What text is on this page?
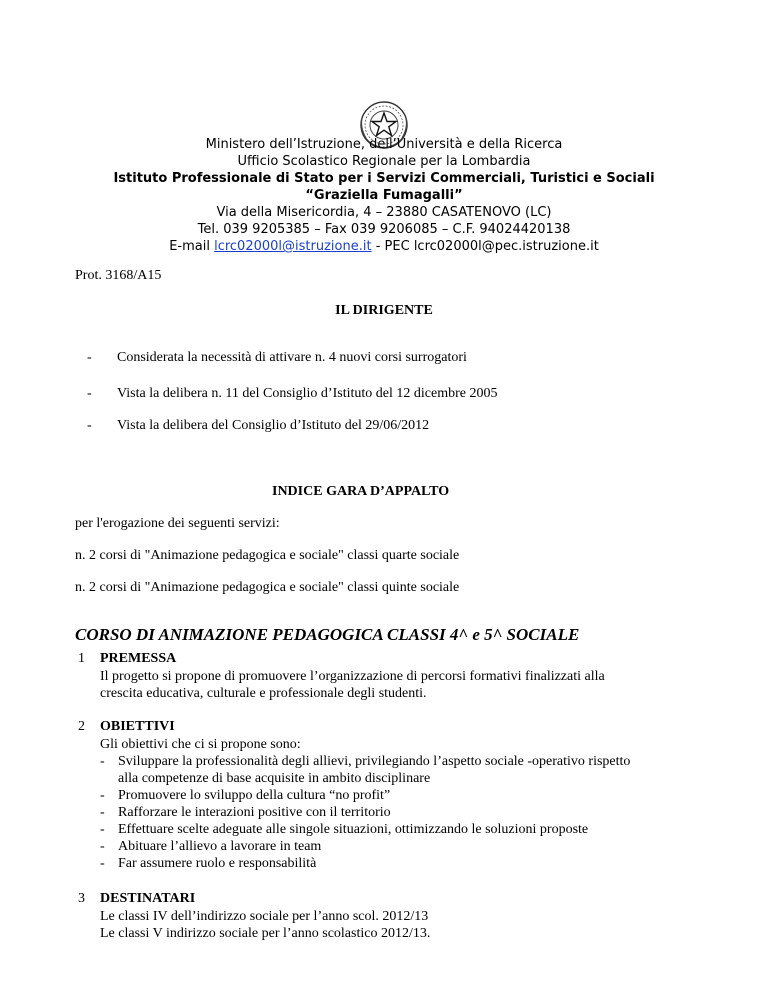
Ministero dell’Istruzione, dell’Università e della Ricerca
Ufficio Scolastico Regionale per la Lombardia
Istituto Professionale di Stato per i Servizi Commerciali, Turistici e Sociali
“Graziella Fumagalli”
Via della Misericordia, 4 – 23880 CASATENOVO (LC)
Tel. 039 9205385 – Fax 039 9206085 – C.F. 94024420138
E-mail lcrc02000l@istruzione.it - PEC lcrc02000l@pec.istruzione.it
Prot. 3168/A15
IL DIRIGENTE
- Considerata la necessità di attivare n. 4 nuovi corsi surrogatori
- Vista la delibera n. 11 del Consiglio d’Istituto del 12 dicembre 2005
- Vista la delibera del Consiglio d’Istituto del 29/06/2012
INDICE GARA D’APPALTO
per l'erogazione dei seguenti servizi:
n. 2 corsi di "Animazione pedagogica e sociale" classi quarte sociale
n. 2 corsi di "Animazione pedagogica e sociale" classi quinte sociale
CORSO DI ANIMAZIONE PEDAGOGICA CLASSI 4^ e 5^ SOCIALE
1 PREMESSA
Il progetto si propone di promuovere l’organizzazione di percorsi formativi finalizzati alla
crescita educativa, culturale e professionale degli studenti.
2 OBIETTIVI
Gli obiettivi che ci si propone sono:
- Sviluppare la professionalità degli allievi, privilegiando l’aspetto sociale -operativo rispetto
alla competenze di base acquisite in ambito disciplinare
- Promuovere lo sviluppo della cultura “no profit”
- Rafforzare le interazioni positive con il territorio
- Effettuare scelte adeguate alle singole situazioni, ottimizzando le soluzioni proposte
- Abituare l’allievo a lavorare in team
- Far assumere ruolo e responsabilità
3 DESTINATARI
Le classi IV dell’indirizzo sociale per l’anno scol. 2012/13
Le classi V indirizzo sociale per l’anno scolastico 2012/13.
